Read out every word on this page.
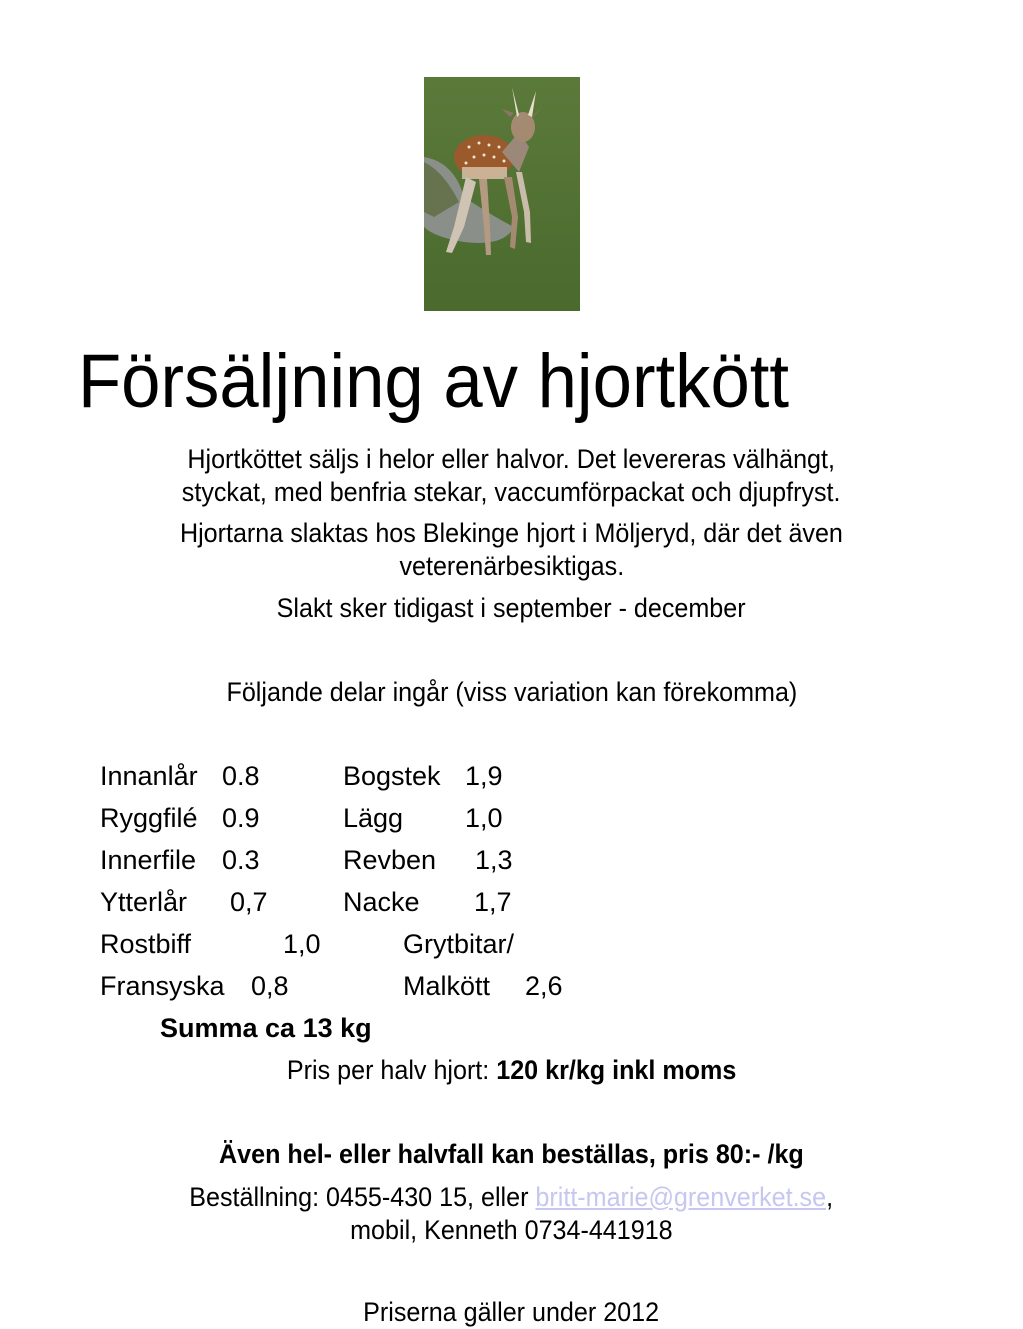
Försäljning av hjortkött
Hjortköttet säljs i helor eller halvor. Det levereras välhängt,
styckat, med benfria stekar, vaccumförpackat och djupfryst.
Hjortarna slaktas hos Blekinge hjort i Möljeryd, där det även
veterenärbesiktigas.
Slakt sker tidigast i september - december
Följande delar ingår (viss variation kan förekomma)
Innanlår 0.8	Bogstek 1,9
Ryggfilé 0.9	Lägg 1,0
Innerfile 0.3	Revben 1,3
Ytterlår 0,7	Nacke 1,7
Rostbiff	1,0	Grytbitar/
Fransyska 0,8	Malkött 2,6
Summa ca 13 kg
Pris per halv hjort: 120 kr/kg inkl moms
Även hel- eller halvfall kan beställas, pris 80:- /kg
Beställning: 0455-430 15, eller britt-marie@grenverket.se,
mobil, Kenneth 0734-441918
Priserna gäller under 2012
